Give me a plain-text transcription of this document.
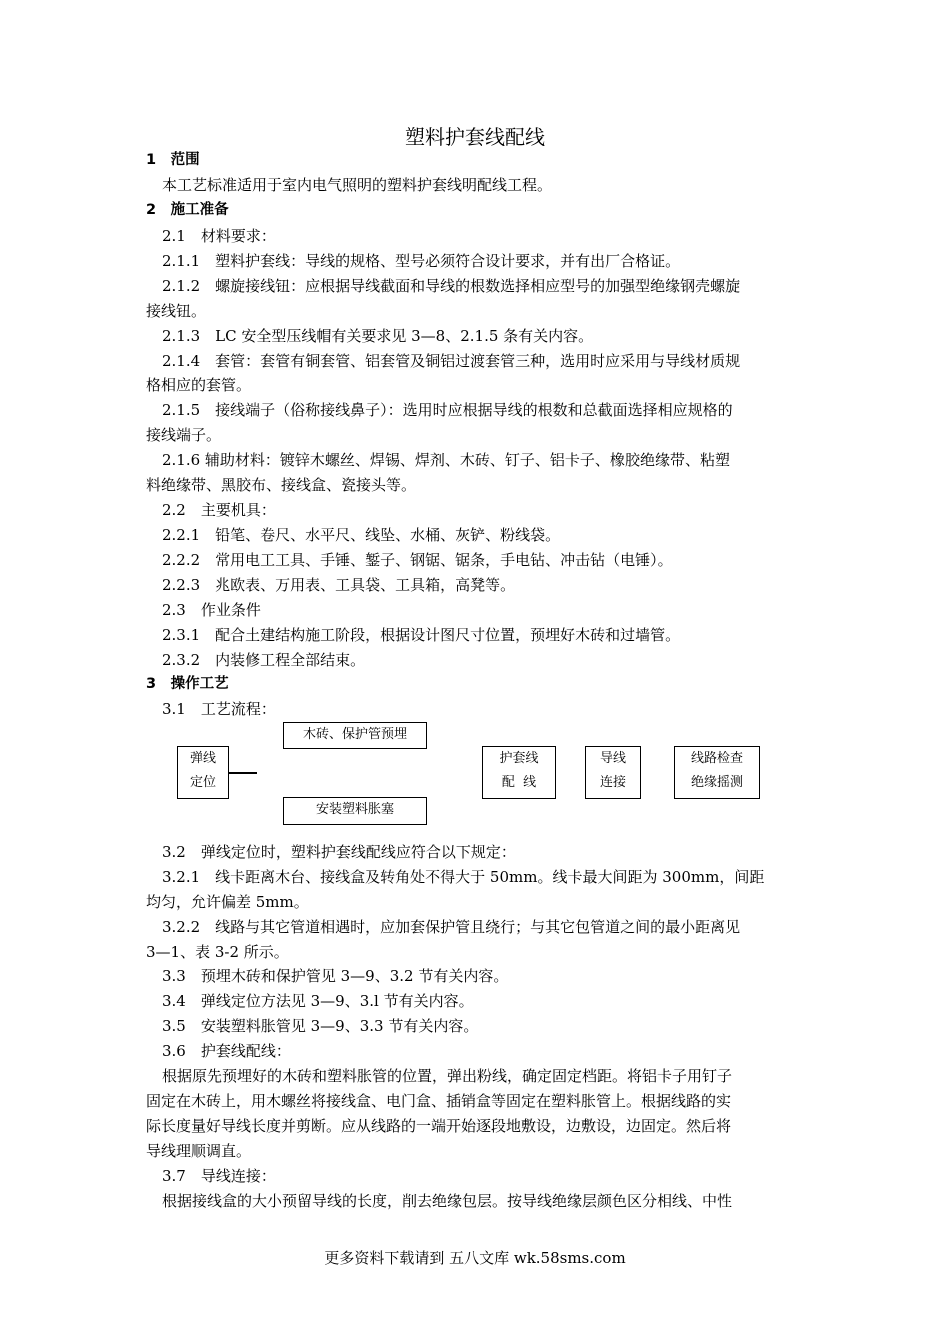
塑料护套线配线
1　范围
本工艺标准适用于室内电气照明的塑料护套线明配线工程。
2　施工准备
2.1　材料要求：
2.1.1　塑料护套线：导线的规格、型号必须符合设计要求，并有出厂合格证。
2.1.2　螺旋接线钮：应根据导线截面和导线的根数选择相应型号的加强型绝缘钢壳螺旋
接线钮。
2.1.3　LC 安全型压线帽有关要求见 3—8、2.1.5 条有关内容。
2.1.4　套管：套管有铜套管、铝套管及铜铝过渡套管三种，选用时应采用与导线材质规
格相应的套管。
2.1.5　接线端子（俗称接线鼻子）：选用时应根据导线的根数和总截面选择相应规格的
接线端子。
2.1.6 辅助材料：镀锌木螺丝、焊锡、焊剂、木砖、钉子、铝卡子、橡胶绝缘带、粘塑
料绝缘带、黑胶布、接线盒、瓷接头等。
2.2　主要机具：
2.2.1　铅笔、卷尺、水平尺、线坠、水桶、灰铲、粉线袋。
2.2.2　常用电工工具、手锤、錾子、钢锯、锯条，手电钻、冲击钻（电锤）。
2.2.3　兆欧表、万用表、工具袋、工具箱，高凳等。
2.3　作业条件
2.3.1　配合土建结构施工阶段，根据设计图尺寸位置，预埋好木砖和过墙管。
2.3.2　内装修工程全部结束。
3　操作工艺
3.1　工艺流程：
木砖、保护管预埋
弹线
定位
安装塑料胀塞
护套线
配  线
导线
连接
线路检查
绝缘摇测
3.2　弹线定位时，塑料护套线配线应符合以下规定：
3.2.1　线卡距离木台、接线盒及转角处不得大于 50mm。线卡最大间距为 300mm，间距
均匀，允许偏差 5mm。
3.2.2　线路与其它管道相遇时，应加套保护管且绕行；与其它包管道之间的最小距离见
3—1、表 3-2 所示。
3.3　预埋木砖和保护管见 3—9、3.2 节有关内容。
3.4　弹线定位方法见 3—9、3.l 节有关内容。
3.5　安装塑料胀管见 3—9、3.3 节有关内容。
3.6　护套线配线：
根据原先预埋好的木砖和塑料胀管的位置，弹出粉线，确定固定档距。将铝卡子用钉子
固定在木砖上，用木螺丝将接线盒、电门盒、插销盒等固定在塑料胀管上。根据线路的实
际长度量好导线长度并剪断。应从线路的一端开始逐段地敷设，边敷设，边固定。然后将
导线理顺调直。
3.7　导线连接：
根据接线盒的大小预留导线的长度，削去绝缘包层。按导线绝缘层颜色区分相线、中性
更多资料下载请到 五八文库 wk.58sms.com
